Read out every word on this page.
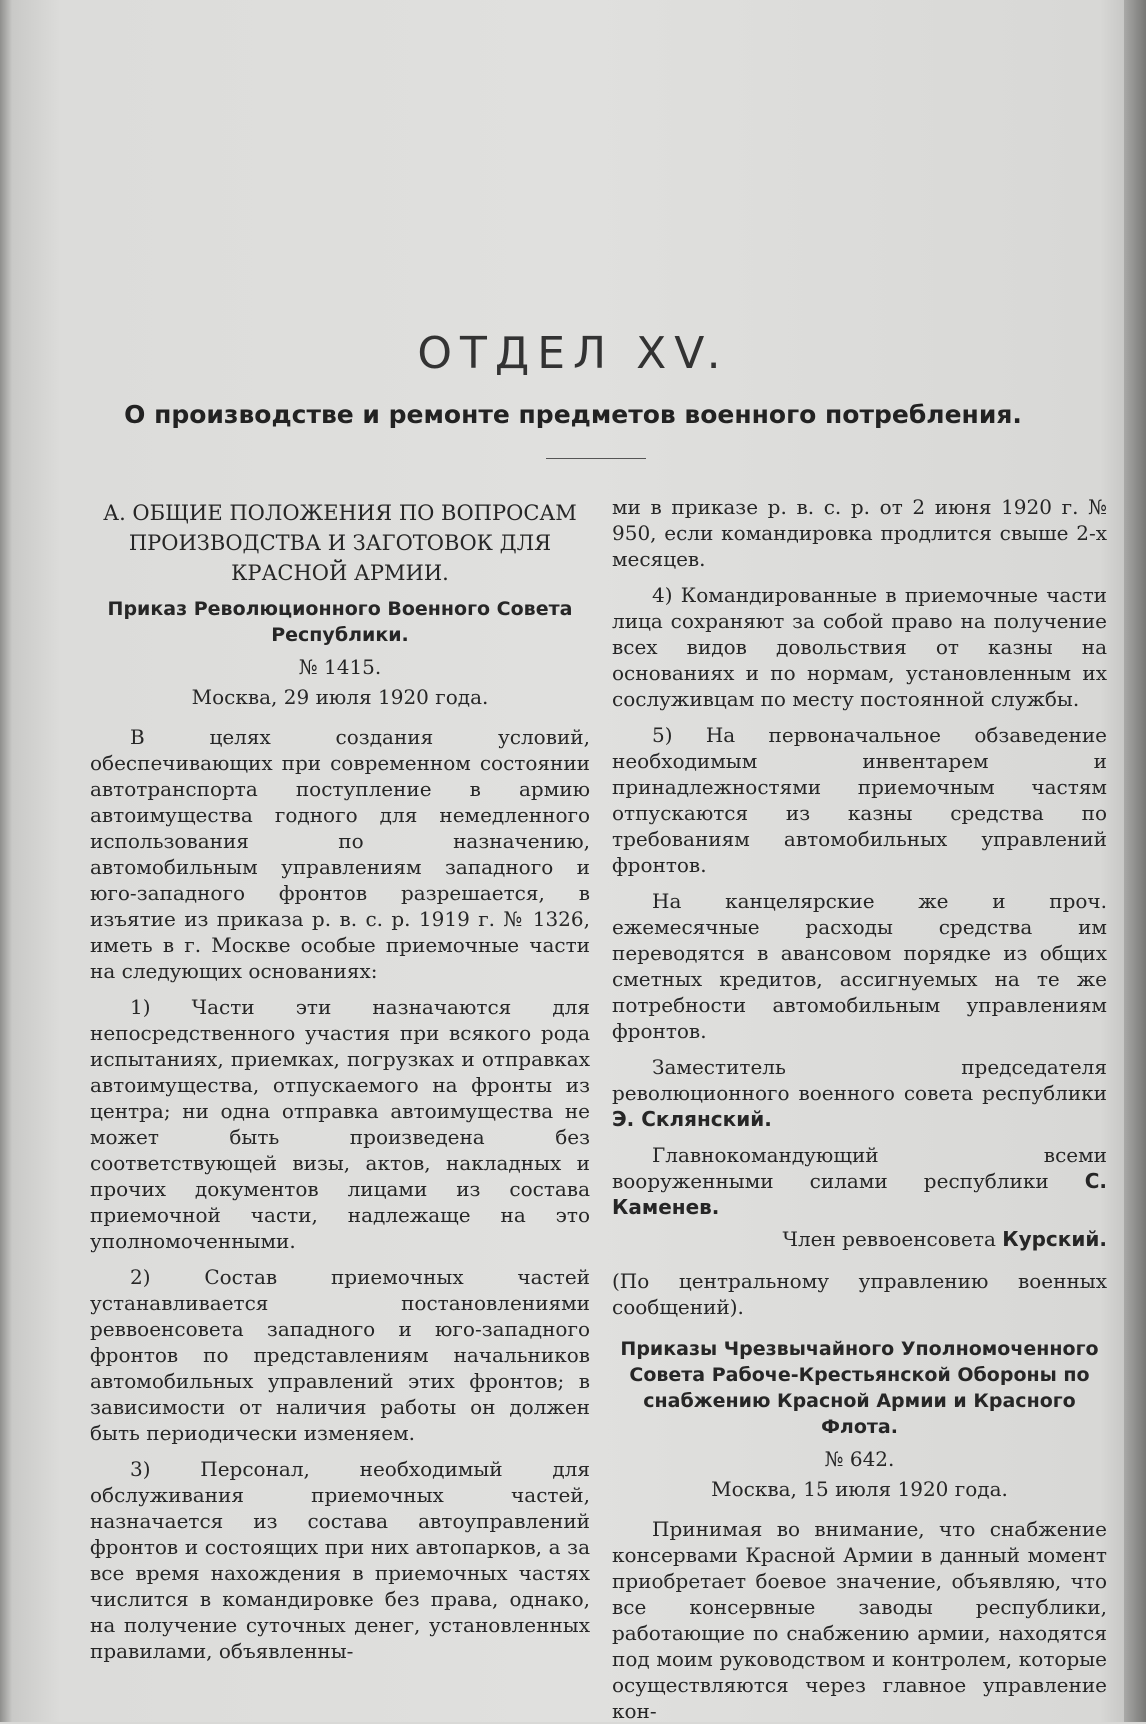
ОТДЕЛ XV.
О производстве и ремонте предметов военного потребления.
А. ОБЩИЕ ПОЛОЖЕНИЯ ПО ВОПРОСАМ ПРОИЗВОДСТВА И ЗАГОТОВОК ДЛЯ КРАСНОЙ АРМИИ.
Приказ Революционного Военного Совета Республики.
№ 1415.
Москва, 29 июля 1920 года.

В целях создания условий, обеспечивающих при современном состоянии автотранспорта поступление в армию автоимущества годного для немедленного использования по назначению, автомобильным управлениям западного и юго-западного фронтов разрешается, в изъятие из приказа р. в. с. р. 1919 г. № 1326, иметь в г. Москве особые приемочные части на следующих основаниях:

1) Части эти назначаются для непосредственного участия при всякого рода испытаниях, приемках, погрузках и отправках автоимущества, отпускаемого на фронты из центра; ни одна отправка автоимущества не может быть произведена без соответствующей визы, актов, накладных и прочих документов лицами из состава приемочной части, надлежаще на это уполномоченными.

2) Состав приемочных частей устанавливается постановлениями реввоенсовета западного и юго-западного фронтов по представлениям начальников автомобильных управлений этих фронтов; в зависимости от наличия работы он должен быть периодически изменяем.

3) Персонал, необходимый для обслуживания приемочных частей, назначается из состава автоуправлений фронтов и состоящих при них автопарков, а за все время нахождения в приемочных частях числится в командировке без права, однако, на получение суточных денег, установленных правилами, объявленны-

ми в приказе р. в. с. р. от 2 июня 1920 г. № 950, если командировка продлится свыше 2-х месяцев.

4) Командированные в приемочные части лица сохраняют за собой право на получение всех видов довольствия от казны на основаниях и по нормам, установленным их сослуживцам по месту постоянной службы.

5) На первоначальное обзаведение необходимым инвентарем и принадлежностями приемочным частям отпускаются из казны средства по требованиям автомобильных управлений фронтов.

На канцелярские же и проч. ежемесячные расходы средства им переводятся в авансовом порядке из общих сметных кредитов, ассигнуемых на те же потребности автомобильным управлениям фронтов.

Заместитель председателя революционного военного совета республики Э. Склянский.

Главнокомандующий всеми вооруженными силами республики С. Каменев.

Член реввоенсовета Курский.

(По центральному управлению военных сообщений).

Приказы Чрезвычайного Уполномоченного Совета Рабоче-Крестьянской Обороны по снабжению Красной Армии и Красного Флота.
№ 642.
Москва, 15 июля 1920 года.

Принимая во внимание, что снабжение консервами Красной Армии в данный момент приобретает боевое значение, объявляю, что все консервные заводы республики, работающие по снабжению армии, находятся под моим руководством и контролем, которые осуществляются через главное управление кон-
